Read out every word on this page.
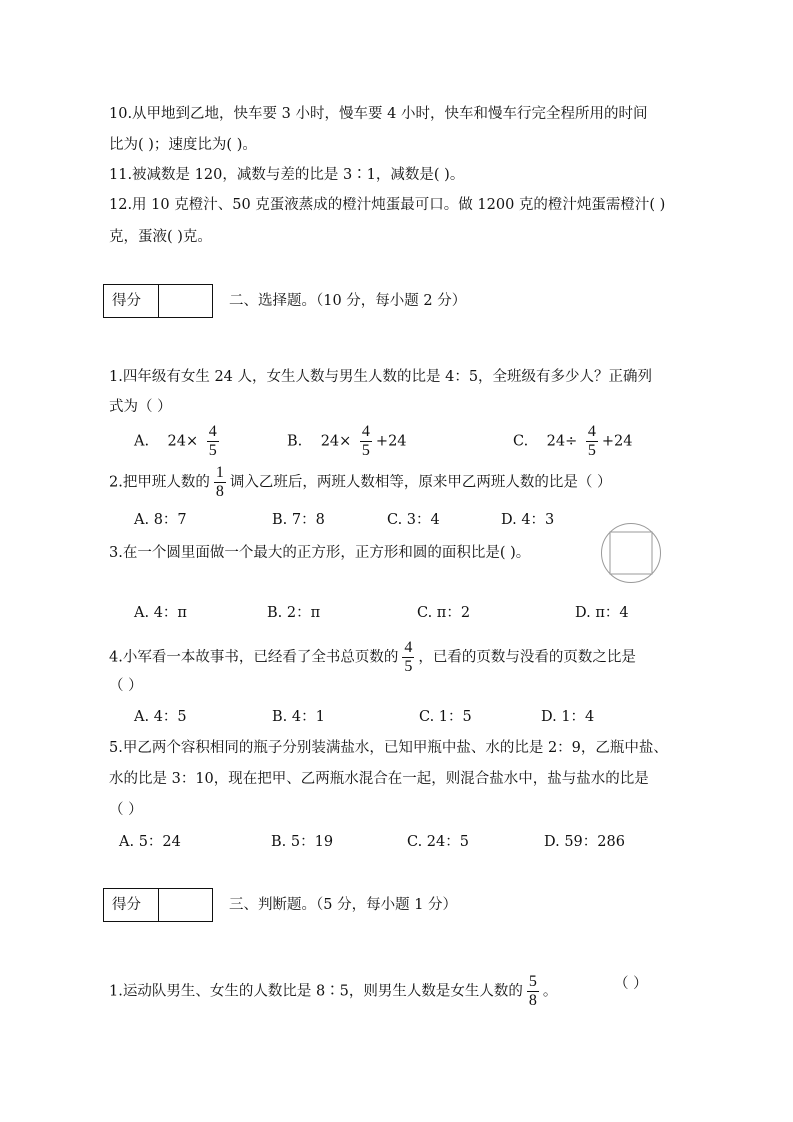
10.从甲地到乙地，快车要 3 小时，慢车要 4 小时，快车和慢车行完全程所用的时间
比为( )；速度比为( )。
11.被减数是 120，减数与差的比是 3∶1，减数是( )。
12.用 10 克橙汁、50 克蛋液蒸成的橙汁炖蛋最可口。做 1200 克的橙汁炖蛋需橙汁( )
克，蛋液( )克。
得分	二、选择题。（10 分，每小题 2 分）
1.四年级有女生 24 人，女生人数与男生人数的比是 4：5，全班级有多少人？正确列
式为（ ）
A. $24\times \frac{4}{5}$	B. $24\times \frac{4}{5} +24$	C. $24\div \frac{4}{5} +24$
2.把甲班人数的 $\frac{1}{8}$ 调入乙班后，两班人数相等，原来甲乙两班人数的比是（ ）
A. 8：7	B. 7：8	C. 3：4	D. 4：3
3.在一个圆里面做一个最大的正方形，正方形和圆的面积比是( )。
A. 4：π	B. 2：π	C. π：2	D. π：4
4.小军看一本故事书，已经看了全书总页数的 $\frac{4}{5}$ ，已看的页数与没看的页数之比是
（ ）
A. 4：5	B. 4：1	C. 1：5	D. 1：4
5.甲乙两个容积相同的瓶子分别装满盐水，已知甲瓶中盐、水的比是 2：9，乙瓶中盐、
水的比是 3：10，现在把甲、乙两瓶水混合在一起，则混合盐水中，盐与盐水的比是
（ ）
A. 5：24	B. 5：19	C. 24：5	D. 59：286
得分	三、判断题。（5 分，每小题 1 分）
1.运动队男生、女生的人数比是 8∶5，则男生人数是女生人数的 $\frac{5}{8}$ 。	（ ）
